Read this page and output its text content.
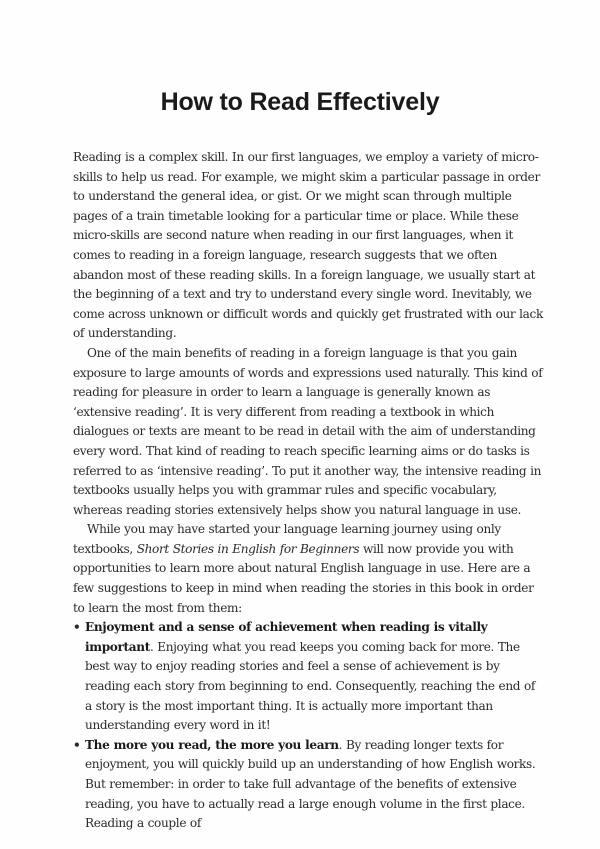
How to Read Effectively

Reading is a complex skill. In our first languages, we employ a variety of micro-skills to help us read. For example, we might skim a particular passage in order to understand the general idea, or gist. Or we might scan through multiple pages of a train timetable looking for a particular time or place. While these micro-skills are second nature when reading in our first languages, when it comes to reading in a foreign language, research suggests that we often abandon most of these reading skills. In a foreign language, we usually start at the beginning of a text and try to understand every single word. Inevitably, we come across unknown or difficult words and quickly get frustrated with our lack of understanding.

One of the main benefits of reading in a foreign language is that you gain exposure to large amounts of words and expressions used naturally. This kind of reading for pleasure in order to learn a language is generally known as ‘extensive reading’. It is very different from reading a textbook in which dialogues or texts are meant to be read in detail with the aim of understanding every word. That kind of reading to reach specific learning aims or do tasks is referred to as ‘intensive reading’. To put it another way, the intensive reading in textbooks usually helps you with grammar rules and specific vocabulary, whereas reading stories extensively helps show you natural language in use.

While you may have started your language learning journey using only textbooks, Short Stories in English for Beginners will now provide you with opportunities to learn more about natural English language in use. Here are a few suggestions to keep in mind when reading the stories in this book in order to learn the most from them:

• Enjoyment and a sense of achievement when reading is vitally important. Enjoying what you read keeps you coming back for more. The best way to enjoy reading stories and feel a sense of achievement is by reading each story from beginning to end. Consequently, reaching the end of a story is the most important thing. It is actually more important than understanding every word in it!
• The more you read, the more you learn. By reading longer texts for enjoyment, you will quickly build up an understanding of how English works. But remember: in order to take full advantage of the benefits of extensive reading, you have to actually read a large enough volume in the first place. Reading a couple of
